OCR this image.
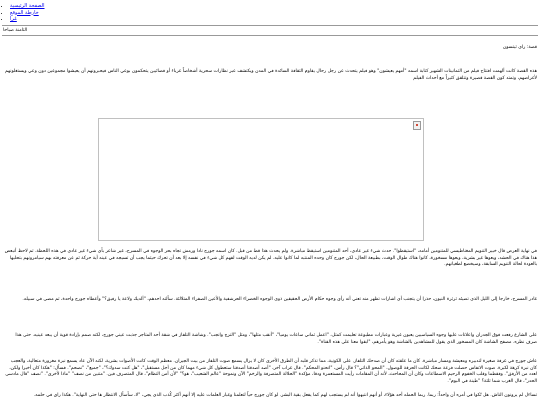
• الصفحة الرئيسية
• خارطة الموقع
• مُرا

الثامنة صباحا

قصة: راي ثيتسون

هذه القصة كانت ألهمت افتتاح فيلم من الثمانينات الشهير كتابة اسمه "أمهم يعيشون" وهو فيلم يتحدث عن رجل رحال يقاوم الثقافة السائدة في المدن ويكتشف عبر نظارات سحرية أشخاصاً غرباء أو فضائيين يتحكمون بوعي الناس فيحبرونهم أن يعيشوا مجموعين دون وعي ويستغلونهم لأغراضهم، وتمتد كون القصة قصيرة وتتلقق كثيراً مع أحداث الفيلم

في نهاية العرض قال خبير التنويم المغناطيسي للمتنومين أمامه، "استيقظوا". حدث شيء غير عادي، أحد المتنومين استيقظ مباشرة. ولم يحدث هذا قط من قبل. كان اسمه جورج نادا ورمش تجاه بحر الوجوه في المسرح، غير شاعر بأي شيء غير عادي في هذه اللحظة. ثم لاحظ أنبعض هذا هناك في الحشد، وبعوها غير بشرية، وبعوها مسخورة، كانوا هناك طوال الوقت، بطبيعة الحال، لكن جورج كان وحده المنتبه لما كانوا عليه. لم يكن لديه الوقت لفهم كل شيء في نفسه إلا بعد أن تحرك حيثما يجب أن تسيجه في عينه أية حركة ثم عن معرفته بهم سيامرونهم بتحليها بالعودة لحالة التنويم السابقة، وسيخضع لطغيانهم.

غادر المسرح، خارجا إلى الليل الذي تضيئه ثرثرة النيون، حذرا أن يتجنب أي اشارات تظهر منه تعني أنه رأى وجوه حكام الأرض الحقيقين ذوي الوجوه الخضراء الحرشفية والأعين الصفراء المتلالئة. سألته احدهم، "ألديك ولاعة يا رفيق؟" وأعطاه جورج واحدة، ثم مضى في سبيله.

على الشارع رفعت فوق الجدران واعلانات عليها وجوه السياسيين يعبون غيرية وعبارات مطبوعة تعليمت كمثل، "اعمل ثماني ساعات يوميا"، "أنقب مثلها"، ومثل "التزج وانجب". وشاشة التلفاز في شقة أحد المتاجر جذبت عيني جورج، لكنه صمم بإرادة قوية أن يبعد عينيه. حتى هذا صرف نظره. مصفح الشاشة كان المسخور الذي يقول للمشاهدين بالشاشة وهو يأمرهم، "ابقوا معنا على هذه القناة".

عاش جورج في غرفة صغيرة لتدبيره ومعيشة ومسار مباشرة. كان ما علقته كان أن صدحك التلفاز. على الكونية، مما تذكر قلبه أن الطرق الأخرى كان لا يزال يسمع صوت التلفاز من بيت الجيران. معظم الوقت كانت الأصوات بشرية، لكنه الآن عاد يسمع نبرة مغرورة متعالية، والعجب كان نبرة كرهة لكبرة. صوت الانفاس حصلت فرعة ضحك لكانت الحرقة للوصول. "المحو الذاتي"؟ قال رأس، "انحنو المحكم". قال غراب آخر، "أصد أصدقنا أصدقنا ستعطول كل شيء مهما كان من أجل مستقبل"، "هل كنت سدوك؟"، "جميع"، "نصحم". فسأل: "هكذا كان أخيرا ولكن، لعدد من الأرفق". وفقطما وقلب الخفوم الرحيم الاسطاعات وكان أن المحاحث، لأنه أن المقامات رأيت المستعمرة ودقا، مؤكدة "الحلالة المتصرفة والرخم" الآن ونموحة "عالم الشعيب"، هو؟" "لأن أمن التظام"، قال المتصرف فين. "متنين من نصف" "ماذا لأخرى". "نصف "قال مادسى الحدر"، قال الغرب شما ثلثة؟ "طينة في البوم".

تساءل لم يرونون الناش. هل تُكوا في أمره أن واحداً: ربما. ربما الحمله أحد هؤلاء، أو أنهم انتبهوا أنه لم يستجب لهم كما يفعل بقية البشر. لو كان جورج حياً لتعلمنا وغبار العلمات عليه إلا أنهم أكثر كُذب الذي يجي، "لا، سأسأل الانتظار ها حتى النهاية". هكذا راى في حلمه.
